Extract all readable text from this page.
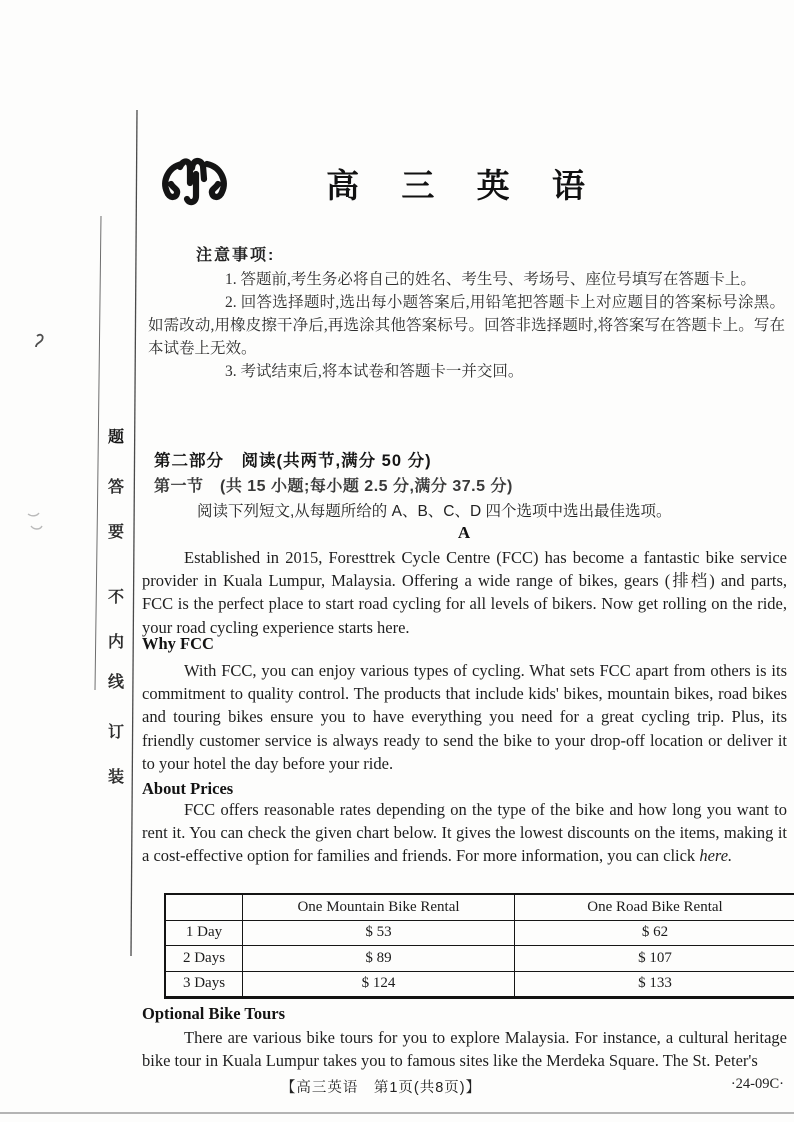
高 三 英 语
题
答
要
不
内
线
订
装
注意事项:

1. 答题前,考生务必将自己的姓名、考生号、考场号、座位号填写在答题卡上。

2. 回答选择题时,选出每小题答案后,用铅笔把答题卡上对应题目的答案标号涂黑。如需改动,用橡皮擦干净后,再选涂其他答案标号。回答非选择题时,将答案写在答题卡上。写在本试卷上无效。

3. 考试结束后,将本试卷和答题卡一并交回。

第二部分　阅读(共两节,满分 50 分)
第一节　(共 15 小题;每小题 2.5 分,满分 37.5 分)
阅读下列短文,从每题所给的 A、B、C、D 四个选项中选出最佳选项。
A

Established in 2015, Foresttrek Cycle Centre (FCC) has become a fantastic bike service provider in Kuala Lumpur, Malaysia. Offering a wide range of bikes, gears (排档) and parts, FCC is the perfect place to start road cycling for all levels of bikers. Now get rolling on the ride, your road cycling experience starts here.

Why FCC

With FCC, you can enjoy various types of cycling. What sets FCC apart from others is its commitment to quality control. The products that include kids' bikes, mountain bikes, road bikes and touring bikes ensure you to have everything you need for a great cycling trip. Plus, its friendly customer service is always ready to send the bike to your drop-off location or deliver it to your hotel the day before your ride.

About Prices

FCC offers reasonable rates depending on the type of the bike and how long you want to rent it. You can check the given chart below. It gives the lowest discounts on the items, making it a cost-effective option for families and friends. For more information, you can click here.

	One Mountain Bike Rental	One Road Bike Rental
1 Day	$ 53	$ 62
2 Days	$ 89	$ 107
3 Days	$ 124	$ 133

Optional Bike Tours

There are various bike tours for you to explore Malaysia. For instance, a cultural heritage bike tour in Kuala Lumpur takes you to famous sites like the Merdeka Square. The St. Peter's

【高三英语　第1页(共8页)】	·24-09C·
